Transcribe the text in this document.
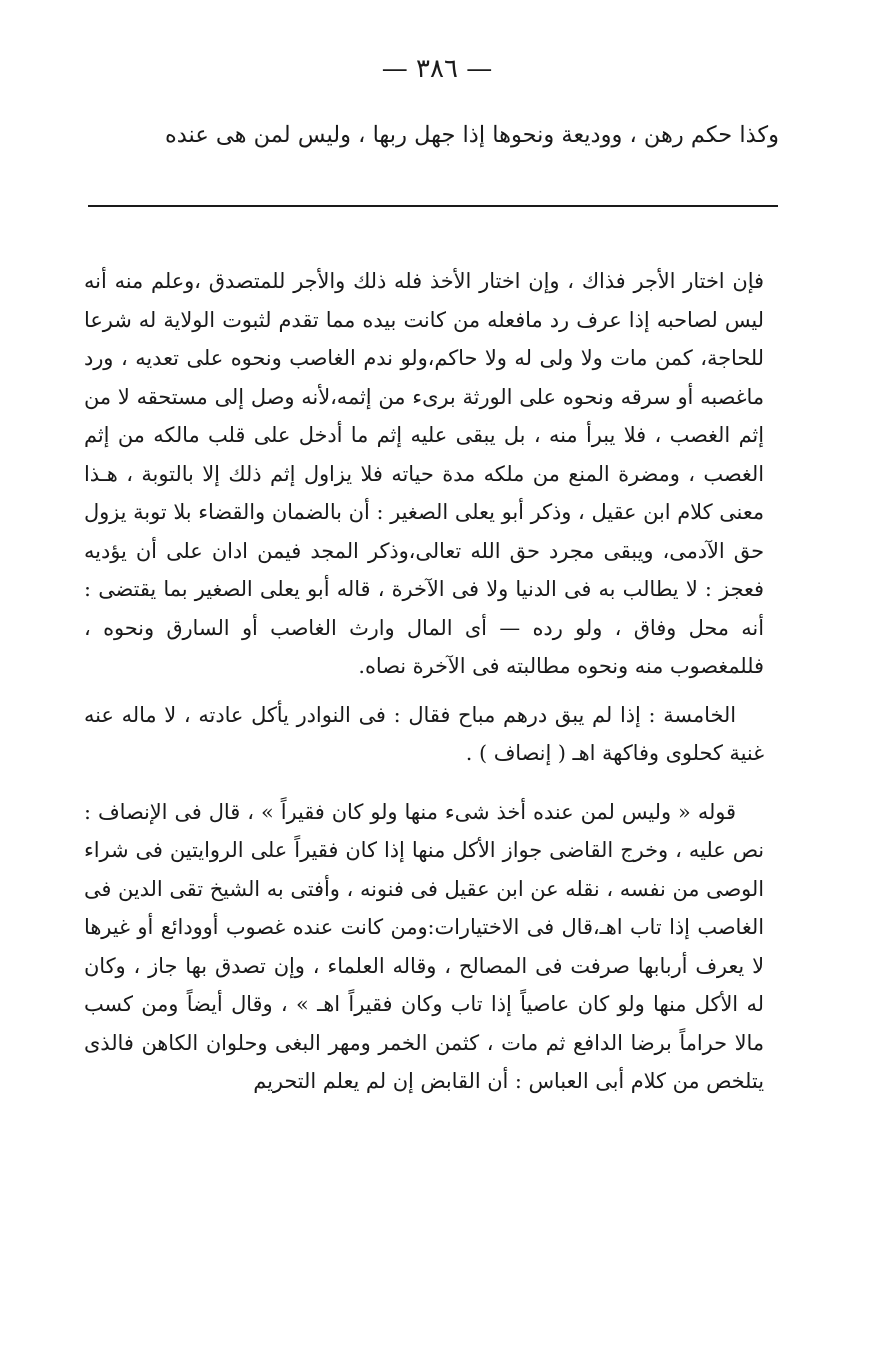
— ٣٨٦ —

وكذا حكم رهن ، ووديعة ونحوها إذا جهل ربها ، وليس لمن هى عنده

فإن اختار الأجر فذاك ، وإن اختار الأخذ فله ذلك والأجر للمتصدق ،وعلم منه أنه ليس لصاحبه إذا عرف رد مافعله من كانت بيده مما تقدم لثبوت الولاية له شرعا للحاجة، كمن مات ولا ولى له ولا حاكم،ولو ندم الغاصب ونحوه على تعديه ، ورد ماغصبه أو سرقه ونحوه على الورثة برىء من إثمه،لأنه وصل إلى مستحقه لا من إثم الغصب ، فلا يبرأ منه ، بل يبقى عليه إثم ما أدخل على قلب مالكه من إثم الغصب ، ومضرة المنع من ملكه مدة حياته فلا يزاول إثم ذلك إلا بالتوبة ، هـذا معنى كلام ابن عقيل ، وذكر أبو يعلى الصغير : أن بالضمان والقضاء بلا توبة يزول حق الآدمى، ويبقى مجرد حق الله تعالى،وذكر المجد فيمن ادان على أن يؤديه فعجز : لا يطالب به فى الدنيا ولا فى الآخرة ، قاله أبو يعلى الصغير بما يقتضى : أنه محل وفاق ، ولو رده — أى المال وارث الغاصب أو السارق ونحوه ، فللمغصوب منه ونحوه مطالبته فى الآخرة نصاه.

الخامسة : إذا لم يبق درهم مباح فقال : فى النوادر يأكل عادته ، لا ماله عنه غنية كحلوى وفاكهة اهـ ( إنصاف ) .

قوله « وليس لمن عنده أخذ شىء منها ولو كان فقيراً » ، قال فى الإنصاف : نص عليه ، وخرج القاضى جواز الأكل منها إذا كان فقيراً على الروايتين فى شراء الوصى من نفسه ، نقله عن ابن عقيل فى فنونه ، وأفتى به الشيخ تقى الدين فى الغاصب إذا تاب اهـ،قال فى الاختيارات:ومن كانت عنده غصوب أوودائع أو غيرها لا يعرف أربابها صرفت فى المصالح ، وقاله العلماء ، وإن تصدق بها جاز ، وكان له الأكل منها ولو كان عاصياً إذا تاب وكان فقيراً اهـ » ، وقال أيضاً ومن كسب مالا حراماً برضا الدافع ثم مات ، كثمن الخمر ومهر البغى وحلوان الكاهن فالذى يتلخص من كلام أبى العباس : أن القابض إن لم يعلم التحريم
